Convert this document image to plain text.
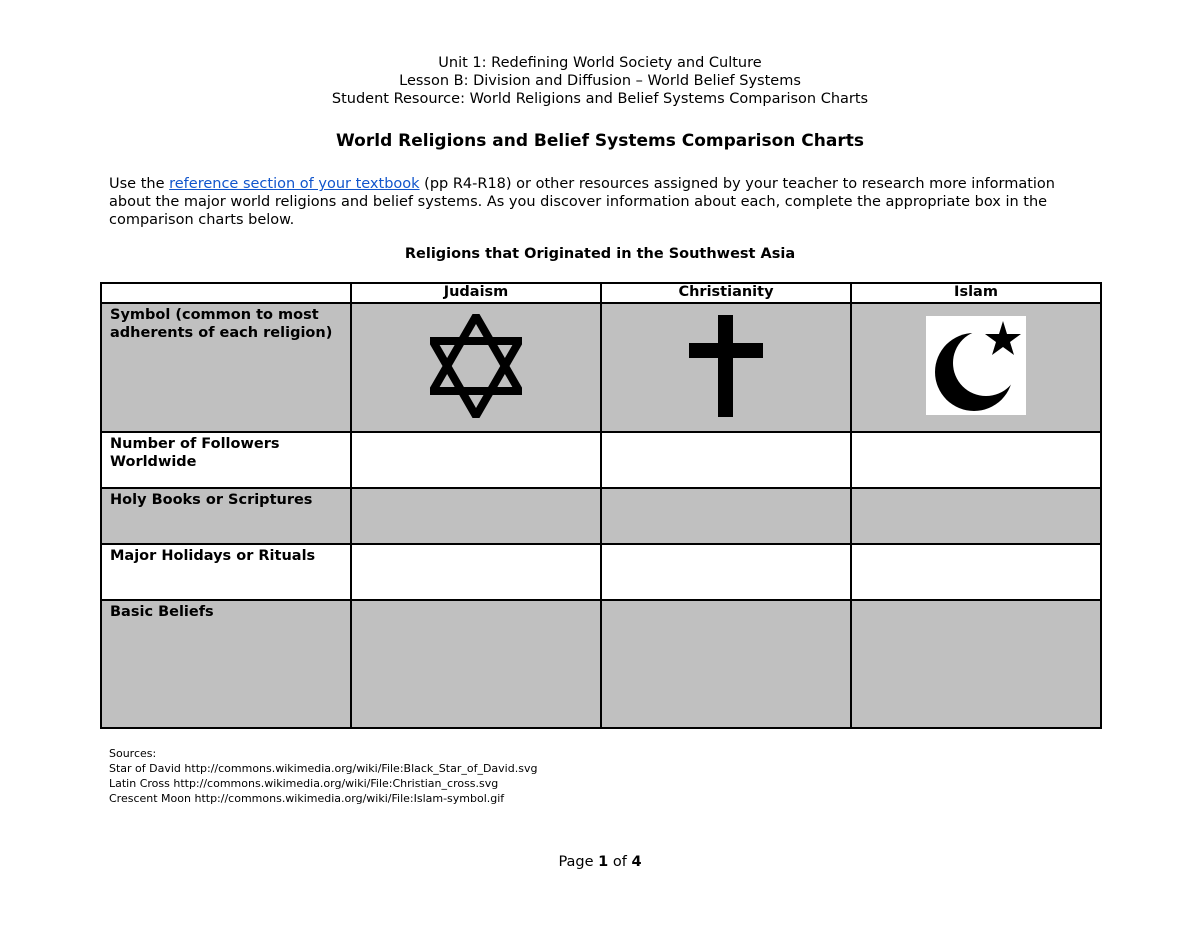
Unit 1: Redefining World Society and Culture
Lesson B: Division and Diffusion – World Belief Systems
Student Resource: World Religions and Belief Systems Comparison Charts
World Religions and Belief Systems Comparison Charts
Use the reference section of your textbook (pp R4-R18) or other resources assigned by your teacher to research more information about the major world religions and belief systems. As you discover information about each, complete the appropriate box in the comparison charts below.
Religions that Originated in the Southwest Asia
	Judaism	Christianity	Islam
Symbol (common to most adherents of each religion)			
Number of Followers Worldwide			
Holy Books or Scriptures			
Major Holidays or Rituals			
Basic Beliefs			
Sources:
Star of David http://commons.wikimedia.org/wiki/File:Black_Star_of_David.svg
Latin Cross http://commons.wikimedia.org/wiki/File:Christian_cross.svg
Crescent Moon http://commons.wikimedia.org/wiki/File:Islam-symbol.gif
Page 1 of 4
